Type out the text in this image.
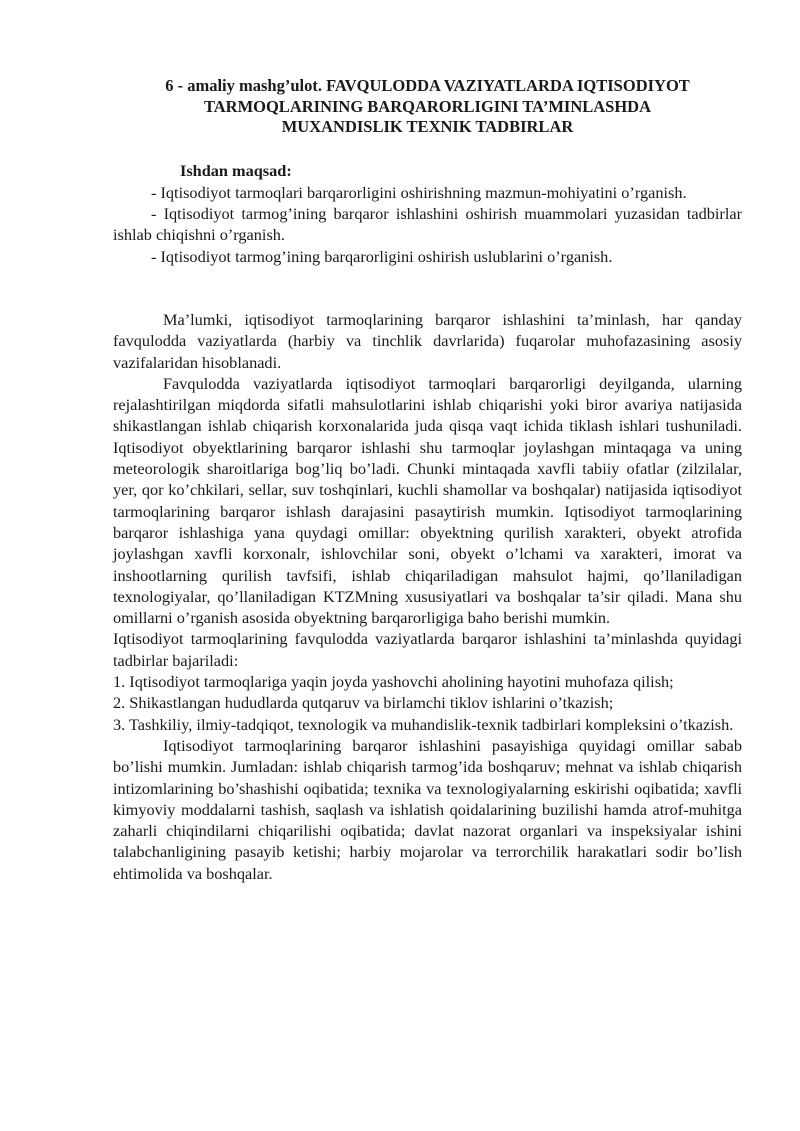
6 - amaliy mashg’ulot. FAVQULODDA VAZIYATLARDA IQTISODIYOT
TARMOQLARINING BARQARORLIGINI TA’MINLASHDA
MUXANDISLIK TEXNIK TADBIRLAR
Ishdan maqsad:

- Iqtisodiyot tarmoqlari barqarorligini oshirishning mazmun-mohiyatini o’rganish.

- Iqtisodiyot tarmog’ining barqaror ishlashini oshirish muammolari yuzasidan tadbirlar ishlab chiqishni o’rganish.

- Iqtisodiyot tarmog’ining barqarorligini oshirish uslublarini o’rganish.

Ma’lumki, iqtisodiyot tarmoqlarining barqaror ishlashini ta’minlash, har qanday favqulodda vaziyatlarda (harbiy va tinchlik davrlarida) fuqarolar muhofazasining asosiy vazifalaridan hisoblanadi.

Favqulodda vaziyatlarda iqtisodiyot tarmoqlari barqarorligi deyilganda, ularning rejalashtirilgan miqdorda sifatli mahsulotlarini ishlab chiqarishi yoki biror avariya natijasida shikastlangan ishlab chiqarish korxonalarida juda qisqa vaqt ichida tiklash ishlari tushuniladi. Iqtisodiyot obyektlarining barqaror ishlashi shu tarmoqlar joylashgan mintaqaga va uning meteorologik sharoitlariga bog’liq bo’ladi. Chunki mintaqada xavfli tabiiy ofatlar (zilzilalar, yer, qor ko’chkilari, sellar, suv toshqinlari, kuchli shamollar va boshqalar) natijasida iqtisodiyot tarmoqlarining barqaror ishlash darajasini pasaytirish mumkin. Iqtisodiyot tarmoqlarining barqaror ishlashiga yana quydagi omillar: obyektning qurilish xarakteri, obyekt atrofida joylashgan xavfli korxonalr, ishlovchilar soni, obyekt o’lchami va xarakteri, imorat va inshootlarning qurilish tavfsifi, ishlab chiqariladigan mahsulot hajmi, qo’llaniladigan texnologiyalar, qo’llaniladigan KTZMning xususiyatlari va boshqalar ta’sir qiladi. Mana shu omillarni o’rganish asosida obyektning barqarorligiga baho berishi mumkin.

Iqtisodiyot tarmoqlarining favqulodda vaziyatlarda barqaror ishlashini ta’minlashda quyidagi tadbirlar bajariladi:

1. Iqtisodiyot tarmoqlariga yaqin joyda yashovchi aholining hayotini muhofaza qilish;

2. Shikastlangan hududlarda qutqaruv va birlamchi tiklov ishlarini o’tkazish;

3. Tashkiliy, ilmiy-tadqiqot, texnologik va muhandislik-texnik tadbirlari kompleksini o’tkazish.

Iqtisodiyot tarmoqlarining barqaror ishlashini pasayishiga quyidagi omillar sabab bo’lishi mumkin. Jumladan: ishlab chiqarish tarmog’ida boshqaruv; mehnat va ishlab chiqarish intizomlarining bo’shashishi oqibatida; texnika va texnologiyalarning eskirishi oqibatida; xavfli kimyoviy moddalarni tashish, saqlash va ishlatish qoidalarining buzilishi hamda atrof-muhitga zaharli chiqindilarni chiqarilishi oqibatida; davlat nazorat organlari va inspeksiyalar ishini talabchanligining pasayib ketishi; harbiy mojarolar va terrorchilik harakatlari sodir bo’lish ehtimolida va boshqalar.
